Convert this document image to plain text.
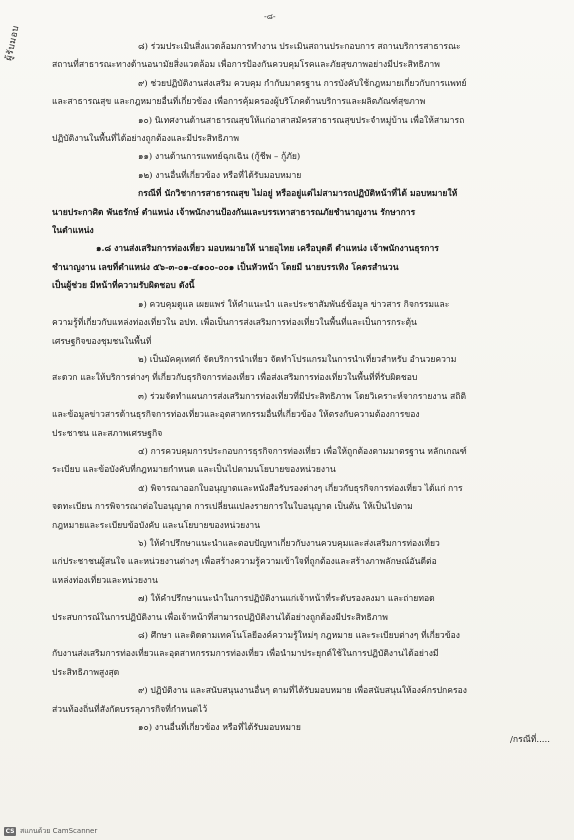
ผู้รับมอบ
-๘-

๘) ร่วมประเมินสิ่งแวดล้อมการทำงาน ประเมินสถานประกอบการ สถานบริการสาธารณะ

สถานที่สาธารณะทางด้านอนามัยสิ่งแวดล้อม เพื่อการป้องกันควบคุมโรคและภัยสุขภาพอย่างมีประสิทธิภาพ

๙) ช่วยปฏิบัติงานส่งเสริม ควบคุม กำกับมาตรฐาน การบังคับใช้กฎหมายเกี่ยวกับการแพทย์

และสาธารณสุข และกฎหมายอื่นที่เกี่ยวข้อง เพื่อการคุ้มครองผู้บริโภคด้านบริการและผลิตภัณฑ์สุขภาพ

๑๐) นิเทศงานด้านสาธารณสุขให้แก่อาสาสมัครสาธารณสุขประจำหมู่บ้าน เพื่อให้สามารถ

ปฏิบัติงานในพื้นที่ได้อย่างถูกต้องและมีประสิทธิภาพ

๑๑) งานด้านการแพทย์ฉุกเฉิน (กู้ชีพ – กู้ภัย)

๑๒) งานอื่นที่เกี่ยวข้อง หรือที่ได้รับมอบหมาย

กรณีที่ นักวิชาการสาธารณสุข ไม่อยู่ หรืออยู่แต่ไม่สามารถปฏิบัติหน้าที่ได้ มอบหมายให้

นายประกาศิต พันธรักษ์ ตำแหน่ง เจ้าพนักงานป้องกันและบรรเทาสาธารณภัยชำนาญงาน รักษาการ

ในตำแหน่ง

๑.๘ งานส่งเสริมการท่องเที่ยว มอบหมายให้ นายอุไทย เครือบุตดี ตำแหน่ง เจ้าพนักงานธุรการ

ชำนาญงาน เลขที่ตำแหน่ง ๕๖-๓-๐๑-๔๑๐๐-๐๐๑ เป็นหัวหน้า โดยมี นายบรรเทิง โคตรสำนวน

เป็นผู้ช่วย มีหน้าที่ความรับผิดชอบ ดังนี้

๑) ควบคุมดูแล เผยแพร่ ให้คำแนะนำ และประชาสัมพันธ์ข้อมูล ข่าวสาร กิจกรรมและ

ความรู้ที่เกี่ยวกับแหล่งท่องเที่ยวใน อปท. เพื่อเป็นการส่งเสริมการท่องเที่ยวในพื้นที่และเป็นการกระตุ้น

เศรษฐกิจของชุมชนในพื้นที่

๒) เป็นมัคคุเทศก์ จัดบริการนำเที่ยว จัดทำโปรแกรมในการนำเที่ยวสำหรับ อำนวยความ

สะดวก และให้บริการต่างๆ ที่เกี่ยวกับธุรกิจการท่องเที่ยว เพื่อส่งเสริมการท่องเที่ยวในพื้นที่ที่รับผิดชอบ

๓) ร่วมจัดทำแผนการส่งเสริมการท่องเที่ยวที่มีประสิทธิภาพ โดยวิเคราะห์จากรายงาน สถิติ

และข้อมูลข่าวสารด้านธุรกิจการท่องเที่ยวและอุตสาหกรรมอื่นที่เกี่ยวข้อง ให้ตรงกับความต้องการของ

ประชาชน และสภาพเศรษฐกิจ

๔) การควบคุมการประกอบการธุรกิจการท่องเที่ยว เพื่อให้ถูกต้องตามมาตรฐาน หลักเกณฑ์

ระเบียบ และข้อบังคับที่กฎหมายกำหนด และเป็นไปตามนโยบายของหน่วยงาน

๕) พิจารณาออกใบอนุญาตและหนังสือรับรองต่างๆ เกี่ยวกับธุรกิจการท่องเที่ยว ได้แก่ การ

จดทะเบียน การพิจารณาต่อใบอนุญาต การเปลี่ยนแปลงรายการในใบอนุญาต เป็นต้น ให้เป็นไปตาม

กฎหมายและระเบียบข้อบังคับ และนโยบายของหน่วยงาน

๖) ให้คำปรึกษาแนะนำและตอบปัญหาเกี่ยวกับงานควบคุมและส่งเสริมการท่องเที่ยว

แก่ประชาชนผู้สนใจ และหน่วยงานต่างๆ เพื่อสร้างความรู้ความเข้าใจที่ถูกต้องและสร้างภาพลักษณ์อันดีต่อ

แหล่งท่องเที่ยวและหน่วยงาน

๗) ให้คำปรึกษาแนะนำในการปฏิบัติงานแก่เจ้าหน้าที่ระดับรองลงมา และถ่ายทอด

ประสบการณ์ในการปฏิบัติงาน เพื่อเจ้าหน้าที่สามารถปฏิบัติงานได้อย่างถูกต้องมีประสิทธิภาพ

๘) ศึกษา และติดตามเทคโนโลยีองค์ความรู้ใหม่ๆ กฎหมาย และระเบียบต่างๆ ที่เกี่ยวข้อง

กับงานส่งเสริมการท่องเที่ยวและอุตสาหกรรมการท่องเที่ยว เพื่อนำมาประยุกต์ใช้ในการปฏิบัติงานได้อย่างมี

ประสิทธิภาพสูงสุด

๙) ปฏิบัติงาน และสนับสนุนงานอื่นๆ ตามที่ได้รับมอบหมาย เพื่อสนับสนุนให้องค์กรปกครอง

ส่วนท้องถิ่นที่สังกัดบรรลุภารกิจที่กำหนดไว้

๑๐) งานอื่นที่เกี่ยวข้อง หรือที่ได้รับมอบหมาย

/กรณีที่.....
CS สแกนด้วย CamScanner
